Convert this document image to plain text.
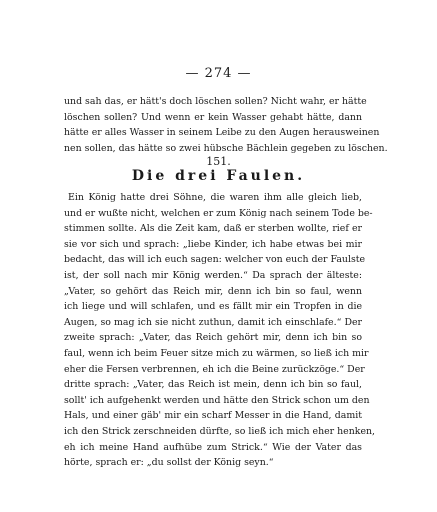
— 274 —
und sah das, er hätt's doch löschen sollen? Nicht wahr, er hätte
löschen sollen? Und wenn er kein Wasser gehabt hätte, dann
hätte er alles Wasser in seinem Leibe zu den Augen herausweinen
nen sollen, das hätte so zwei hübsche Bächlein gegeben zu löschen.
151.
Die drei Faulen.
Ein König hatte drei Söhne, die waren ihm alle gleich lieb,
und er wußte nicht, welchen er zum König nach seinem Tode be-
stimmen sollte. Als die Zeit kam, daß er sterben wollte, rief er
sie vor sich und sprach: „liebe Kinder, ich habe etwas bei mir
bedacht, das will ich euch sagen: welcher von euch der Faulste
ist, der soll nach mir König werden.“ Da sprach der älteste:
„Vater, so gehört das Reich mir, denn ich bin so faul, wenn
ich liege und will schlafen, und es fällt mir ein Tropfen in die
Augen, so mag ich sie nicht zuthun, damit ich einschlafe.“ Der
zweite sprach: „Vater, das Reich gehört mir, denn ich bin so
faul, wenn ich beim Feuer sitze mich zu wärmen, so ließ ich mir
eher die Fersen verbrennen, eh ich die Beine zurückzöge.“ Der
dritte sprach: „Vater, das Reich ist mein, denn ich bin so faul,
sollt' ich aufgehenkt werden und hätte den Strick schon um den
Hals, und einer gäb' mir ein scharf Messer in die Hand, damit
ich den Strick zerschneiden dürfte, so ließ ich mich eher henken,
eh ich meine Hand aufhübe zum Strick.“ Wie der Vater das
hörte, sprach er: „du sollst der König seyn.“
